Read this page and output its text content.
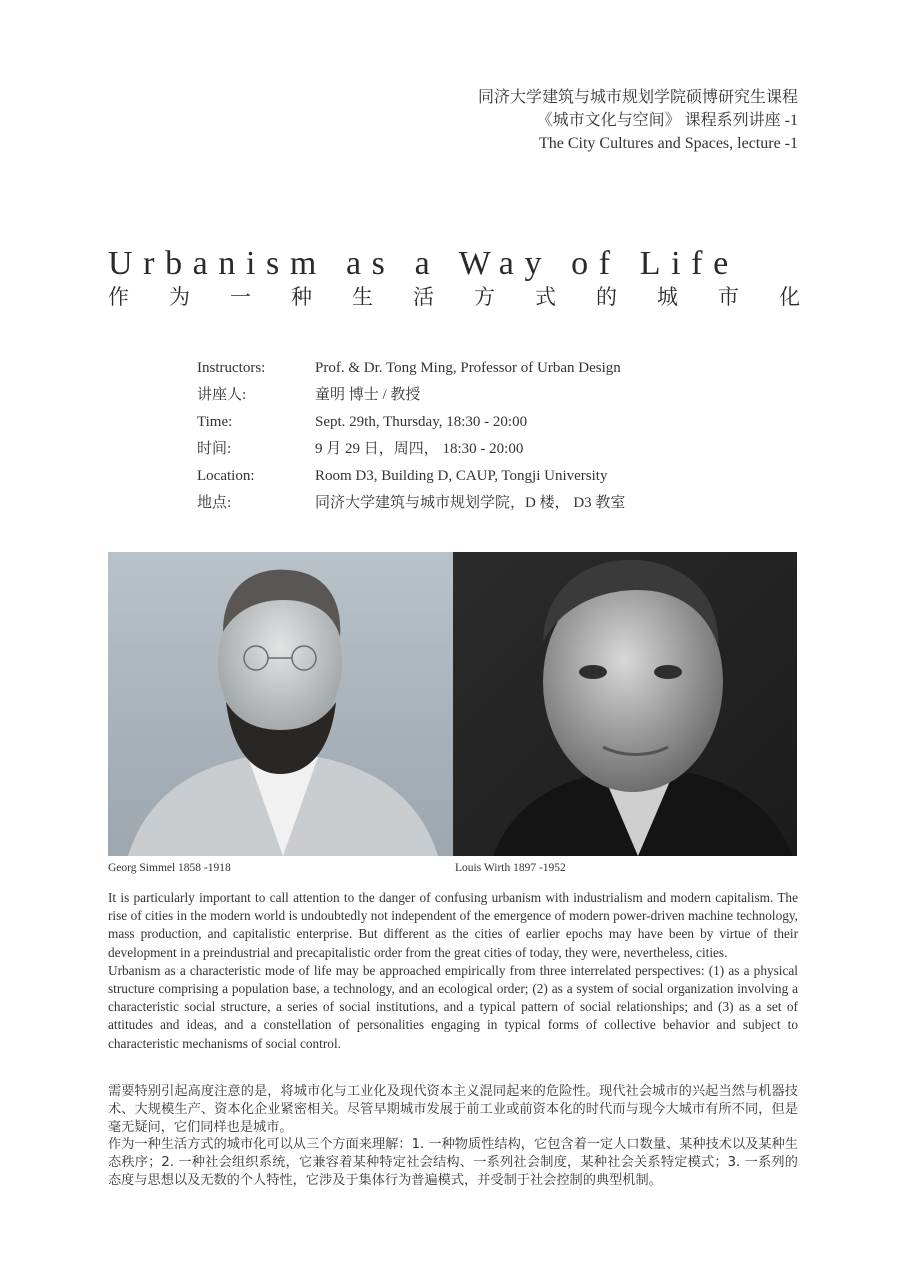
同济大学建筑与城市规划学院硕博研究生课程
《城市文化与空间》 课程系列讲座 -1
The City Cultures and Spaces, lecture -1
Urbanism as a Way of Life
作 为 一 种 生 活 方 式 的 城 市 化
Instructors:	Prof. & Dr. Tong Ming, Professor of Urban Design
讲座人:	童明 博士 / 教授
Time:	Sept. 29th, Thursday, 18:30 - 20:00
时间:	9 月 29 日，周四， 18:30 - 20:00
Location:	Room D3, Building D, CAUP, Tongji University
地点:	同济大学建筑与城市规划学院，D 楼， D3 教室
Georg Simmel 1858 -1918	Louis Wirth 1897 -1952

It is particularly important to call attention to the danger of confusing urbanism with industrialism and modern capitalism. The rise of cities in the modern world is undoubtedly not independent of the emergence of modern power-driven machine technology, mass production, and capitalistic enterprise. But different as the cities of earlier epochs may have been by virtue of their development in a preindustrial and precapitalistic order from the great cities of today, they were, nevertheless, cities.

Urbanism as a characteristic mode of life may be approached empirically from three interrelated perspectives: (1) as a physical structure comprising a population base, a technology, and an ecological order; (2) as a system of social organization involving a characteristic social structure, a series of social institutions, and a typical pattern of social relationships; and (3) as a set of attitudes and ideas, and a constellation of personalities engaging in typical forms of collective behavior and subject to characteristic mechanisms of social control.

需要特别引起高度注意的是，将城市化与工业化及现代资本主义混同起来的危险性。现代社会城市的兴起当然与机器技术、大规模生产、资本化企业紧密相关。尽管早期城市发展于前工业或前资本化的时代而与现今大城市有所不同，但是毫无疑问，它们同样也是城市。

作为一种生活方式的城市化可以从三个方面来理解：1. 一种物质性结构，它包含着一定人口数量、某种技术以及某种生态秩序；2. 一种社会组织系统，它兼容着某种特定社会结构、一系列社会制度，某种社会关系特定模式；3. 一系列的态度与思想以及无数的个人特性，它涉及于集体行为普遍模式，并受制于社会控制的典型机制。
